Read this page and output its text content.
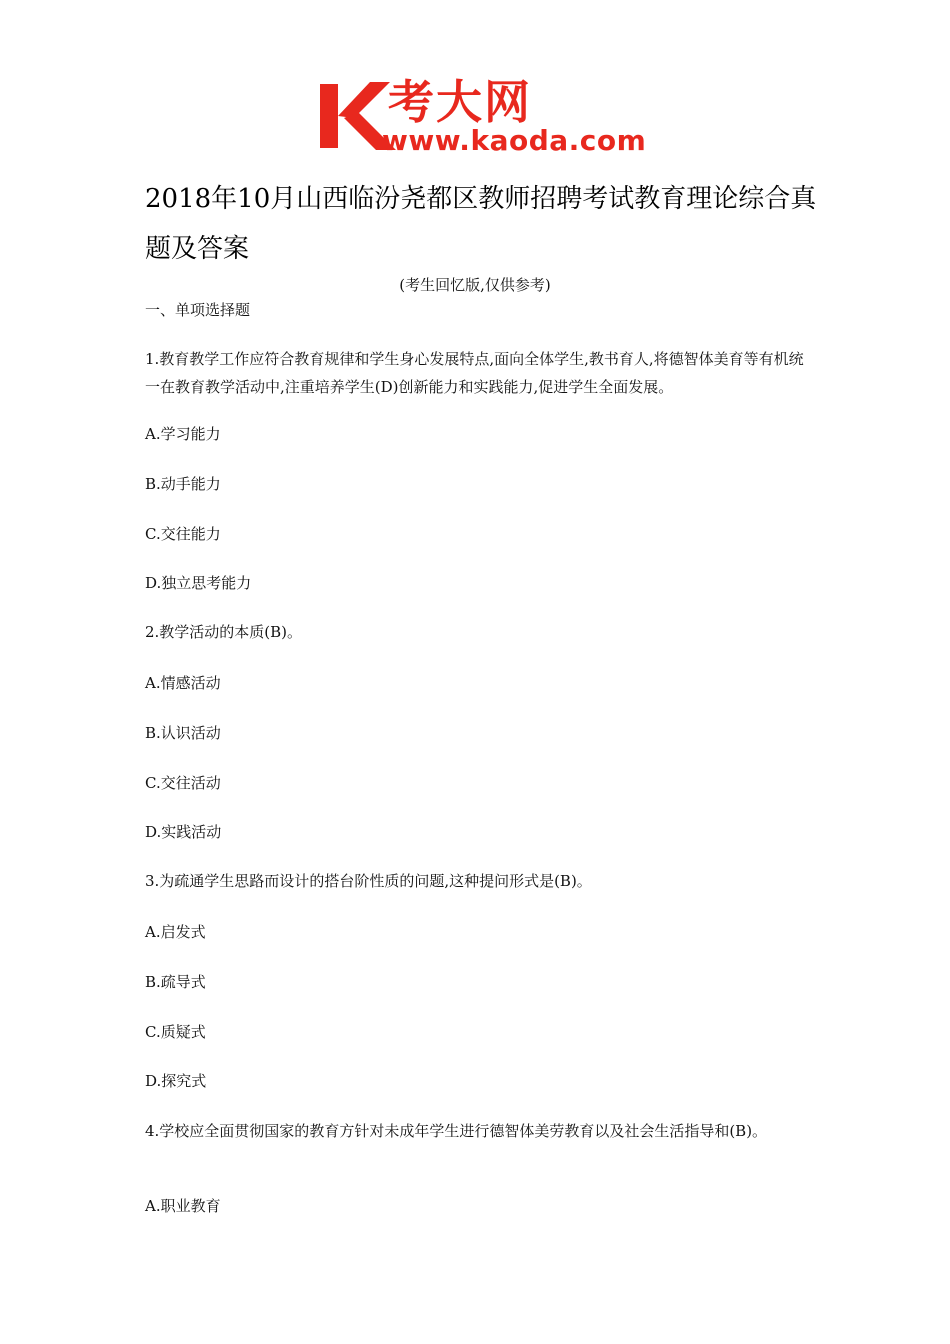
考大网
www.kaoda.com
2018年10月山西临汾尧都区教师招聘考试教育理论综合真题及答案
(考生回忆版,仅供参考)
一、单项选择题
1.教育教学工作应符合教育规律和学生身心发展特点,面向全体学生,教书育人,将德智体美育等有机统一在教育教学活动中,注重培养学生(D)创新能力和实践能力,促进学生全面发展。
A.学习能力
B.动手能力
C.交往能力
D.独立思考能力
2.教学活动的本质(B)。
A.情感活动
B.认识活动
C.交往活动
D.实践活动
3.为疏通学生思路而设计的搭台阶性质的问题,这种提问形式是(B)。
A.启发式
B.疏导式
C.质疑式
D.探究式
4.学校应全面贯彻国家的教育方针对未成年学生进行德智体美劳教育以及社会生活指导和(B)。
A.职业教育
